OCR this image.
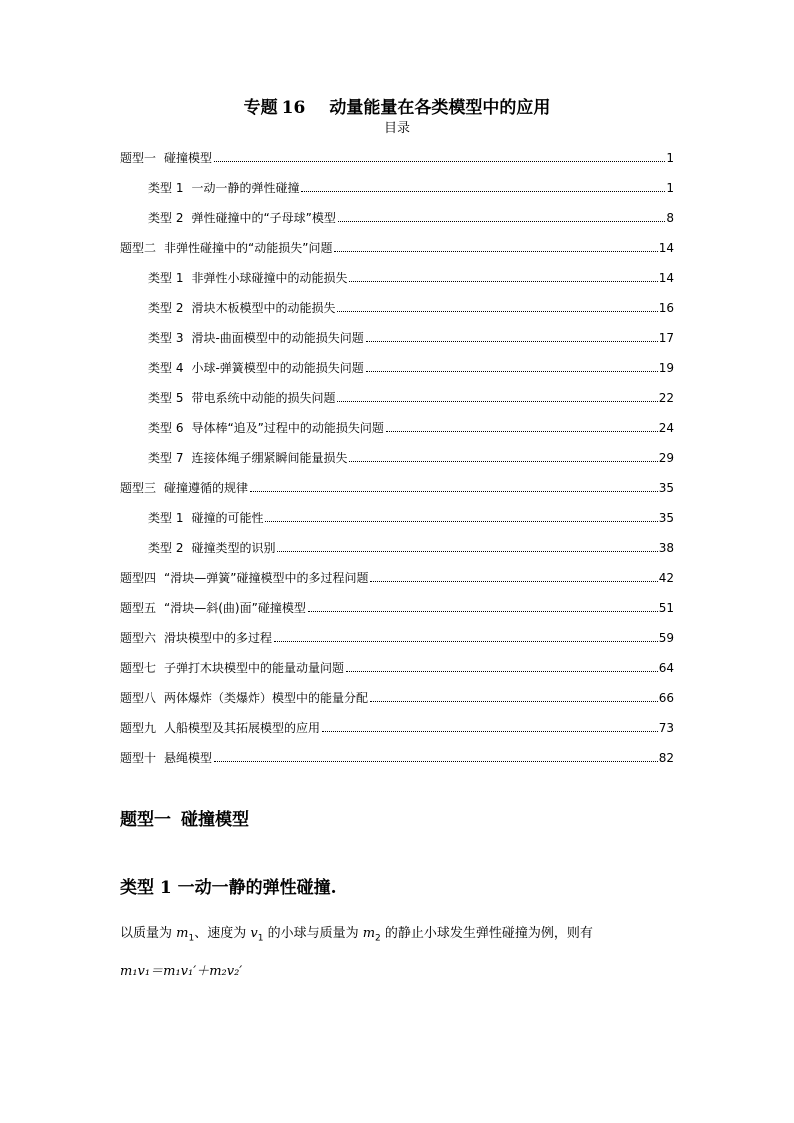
专题 16 动量能量在各类模型中的应用
目录
题型一 碰撞模型	1
类型 1 一动一静的弹性碰撞	1
类型 2 弹性碰撞中的“子母球”模型	8
题型二 非弹性碰撞中的“动能损失”问题	14
类型 1 非弹性小球碰撞中的动能损失	14
类型 2 滑块木板模型中的动能损失	16
类型 3 滑块-曲面模型中的动能损失问题	17
类型 4 小球-弹簧模型中的动能损失问题	19
类型 5 带电系统中动能的损失问题	22
类型 6 导体棒“追及”过程中的动能损失问题	24
类型 7 连接体绳子绷紧瞬间能量损失	29
题型三 碰撞遵循的规律	35
类型 1 碰撞的可能性	35
类型 2 碰撞类型的识别	38
题型四 “滑块—弹簧”碰撞模型中的多过程问题	42
题型五 “滑块—斜(曲)面”碰撞模型	51
题型六 滑块模型中的多过程	59
题型七 子弹打木块模型中的能量动量问题	64
题型八 两体爆炸（类爆炸）模型中的能量分配	66
题型九 人船模型及其拓展模型的应用	73
题型十 悬绳模型	82
题型一 碰撞模型
类型 1 一动一静的弹性碰撞.
以质量为 $m_1$、速度为 $v_1$ 的小球与质量为 $m_2$ 的静止小球发生弹性碰撞为例，则有
m₁v₁＝m₁v₁′＋m₂v₂′
